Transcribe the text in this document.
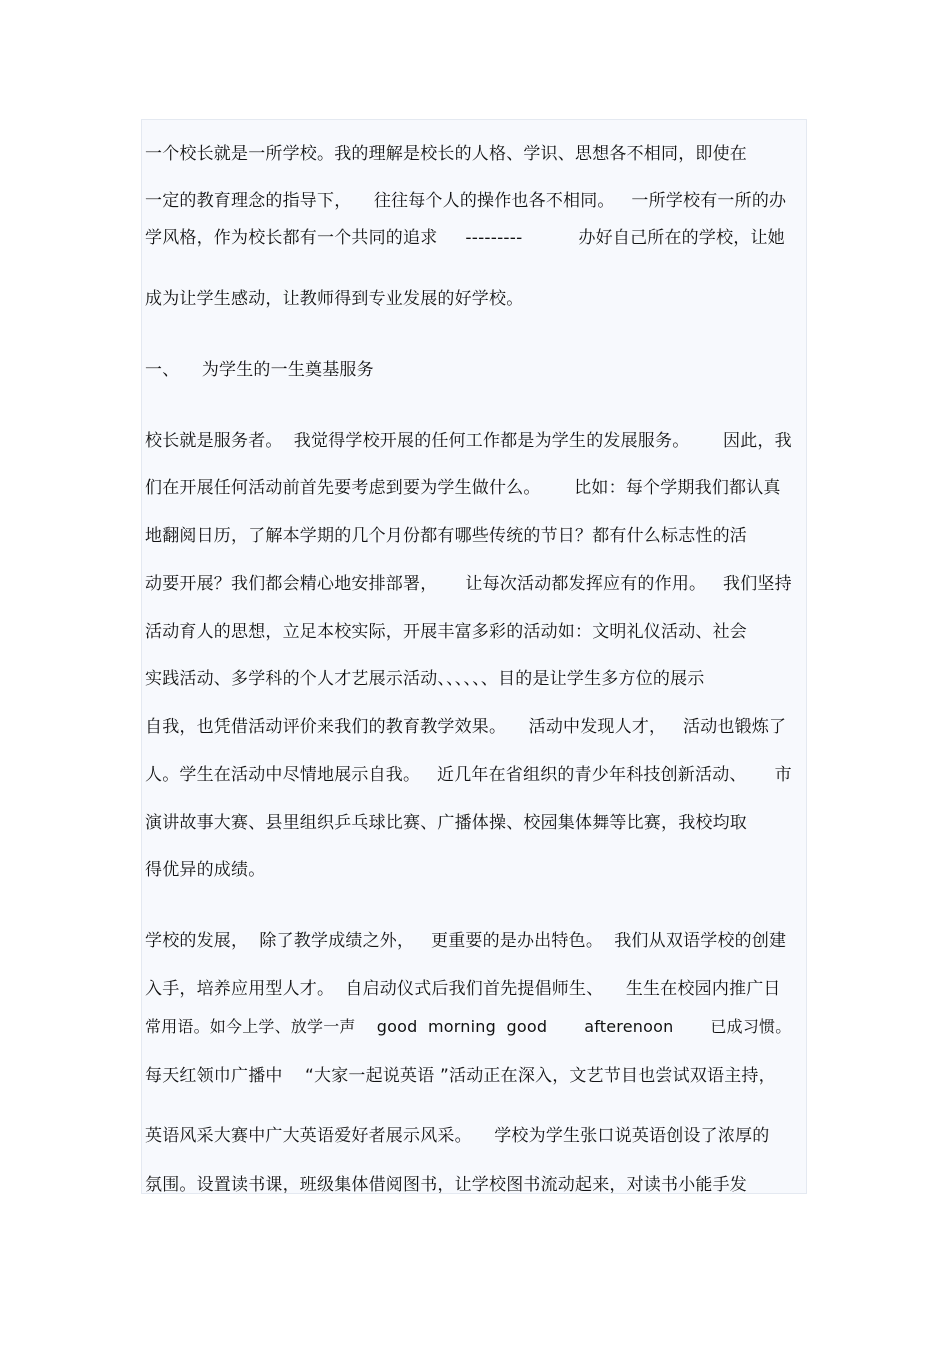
一个校长就是一所学校。我的理解是校长的人格、学识、思想各不相同，即使在
一定的教育理念的指导下，    往往每个人的操作也各不相同。   一所学校有一所的办
学风格，作为校长都有一个共同的追求     ---------          办好自己所在的学校，让她
成为让学生感动，让教师得到专业发展的好学校。
一、    为学生的一生奠基服务
校长就是服务者。  我觉得学校开展的任何工作都是为学生的发展服务。      因此，我
们在开展任何活动前首先要考虑到要为学生做什么。      比如：每个学期我们都认真
地翻阅日历，了解本学期的几个月份都有哪些传统的节日？都有什么标志性的活
动要开展？我们都会精心地安排部署，     让每次活动都发挥应有的作用。   我们坚持
活动育人的思想，立足本校实际，开展丰富多彩的活动如：文明礼仪活动、社会
实践活动、多学科的个人才艺展示活动、、、、、、目的是让学生多方位的展示
自我，也凭借活动评价来我们的教育教学效果。    活动中发现人才，   活动也锻炼了
人。学生在活动中尽情地展示自我。   近几年在省组织的青少年科技创新活动、     市
演讲故事大赛、县里组织乒乓球比赛、广播体操、校园集体舞等比赛，我校均取
得优异的成绩。
学校的发展，  除了教学成绩之外，   更重要的是办出特色。  我们从双语学校的创建
入手，培养应用型人才。  自启动仪式后我们首先提倡师生、    生生在校园内推广日
常用语。如今上学、放学一声    good  morning  good       afterenoon       已成习惯。
每天红领巾广播中    “大家一起说英语 ”活动正在深入，文艺节目也尝试双语主持，
英语风采大赛中广大英语爱好者展示风采。    学校为学生张口说英语创设了浓厚的
氛围。设置读书课，班级集体借阅图书，让学校图书流动起来，对读书小能手发
